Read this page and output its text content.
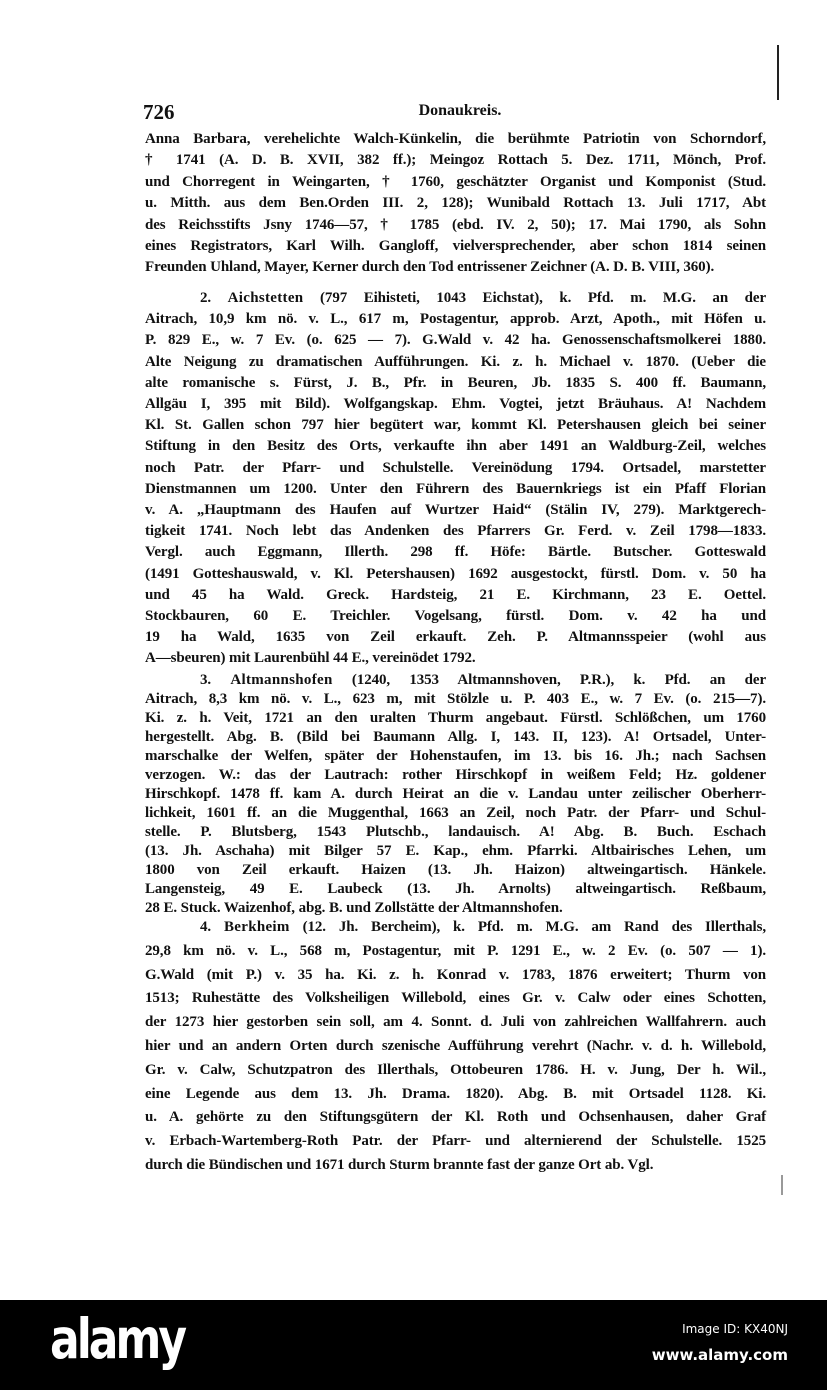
726	Donaukreis.
Anna Barbara, verehelichte Walch-Künkelin, die berühmte Patriotin von Schorndorf,
† 1741 (A. D. B. XVII, 382 ff.); Meingoz Rottach 5. Dez. 1711, Mönch, Prof.
und Chorregent in Weingarten, † 1760, geschätzter Organist und Komponist (Stud.
u. Mitth. aus dem Ben.Orden III. 2, 128); Wunibald Rottach 13. Juli 1717, Abt
des Reichsstifts Jsny 1746—57, † 1785 (ebd. IV. 2, 50); 17. Mai 1790, als Sohn
eines Registrators, Karl Wilh. Gangloff, vielversprechender, aber schon 1814 seinen
Freunden Uhland, Mayer, Kerner durch den Tod entrissener Zeichner (A. D. B. VIII, 360).
2. Aichstetten (797 Eihisteti, 1043 Eichstat), k. Pfd. m. M.G. an der
Aitrach, 10,9 km nö. v. L., 617 m, Postagentur, approb. Arzt, Apoth., mit Höfen u.
P. 829 E., w. 7 Ev. (o. 625 — 7). G.Wald v. 42 ha. Genossenschaftsmolkerei 1880.
Alte Neigung zu dramatischen Aufführungen. Ki. z. h. Michael v. 1870. (Ueber die
alte romanische s. Fürst, J. B., Pfr. in Beuren, Jb. 1835 S. 400 ff. Baumann,
Allgäu I, 395 mit Bild). Wolfgangskap. Ehm. Vogtei, jetzt Bräuhaus. A! Nachdem
Kl. St. Gallen schon 797 hier begütert war, kommt Kl. Petershausen gleich bei seiner
Stiftung in den Besitz des Orts, verkaufte ihn aber 1491 an Waldburg-Zeil, welches
noch Patr. der Pfarr- und Schulstelle. Vereinödung 1794. Ortsadel, marstetter
Dienstmannen um 1200. Unter den Führern des Bauernkriegs ist ein Pfaff Florian
v. A. „Hauptmann des Haufen auf Wurtzer Haid“ (Stälin IV, 279). Marktgerech-
tigkeit 1741. Noch lebt das Andenken des Pfarrers Gr. Ferd. v. Zeil 1798—1833.
Vergl. auch Eggmann, Illerth. 298 ff. Höfe: Bärtle. Butscher. Gotteswald
(1491 Gotteshauswald, v. Kl. Petershausen) 1692 ausgestockt, fürstl. Dom. v. 50 ha
und 45 ha Wald. Greck. Hardsteig, 21 E. Kirchmann, 23 E. Oettel.
Stockbauren, 60 E. Treichler. Vogelsang, fürstl. Dom. v. 42 ha und
19 ha Wald, 1635 von Zeil erkauft. Zeh. P. Altmannsspeier (wohl aus
A—sbeuren) mit Laurenbühl 44 E., vereinödet 1792.
3. Altmannshofen (1240, 1353 Altmannshoven, P.R.), k. Pfd. an der
Aitrach, 8,3 km nö. v. L., 623 m, mit Stölzle u. P. 403 E., w. 7 Ev. (o. 215—7).
Ki. z. h. Veit, 1721 an den uralten Thurm angebaut. Fürstl. Schlößchen, um 1760
hergestellt. Abg. B. (Bild bei Baumann Allg. I, 143. II, 123). A! Ortsadel, Unter-
marschalke der Welfen, später der Hohenstaufen, im 13. bis 16. Jh.; nach Sachsen
verzogen. W.: das der Lautrach: rother Hirschkopf in weißem Feld; Hz. goldener
Hirschkopf. 1478 ff. kam A. durch Heirat an die v. Landau unter zeilischer Oberherr-
lichkeit, 1601 ff. an die Muggenthal, 1663 an Zeil, noch Patr. der Pfarr- und Schul-
stelle. P. Blutsberg, 1543 Plutschb., landauisch. A! Abg. B. Buch. Eschach
(13. Jh. Aschaha) mit Bilger 57 E. Kap., ehm. Pfarrki. Altbairisches Lehen, um
1800 von Zeil erkauft. Haizen (13. Jh. Haizon) altweingartisch. Hänkele.
Langensteig, 49 E. Laubeck (13. Jh. Arnolts) altweingartisch. Reßbaum,
28 E. Stuck. Waizenhof, abg. B. und Zollstätte der Altmannshofen.
4. Berkheim (12. Jh. Bercheim), k. Pfd. m. M.G. am Rand des Illerthals,
29,8 km nö. v. L., 568 m, Postagentur, mit P. 1291 E., w. 2 Ev. (o. 507 — 1).
G.Wald (mit P.) v. 35 ha. Ki. z. h. Konrad v. 1783, 1876 erweitert; Thurm von
1513; Ruhestätte des Volksheiligen Willebold, eines Gr. v. Calw oder eines Schotten,
der 1273 hier gestorben sein soll, am 4. Sonnt. d. Juli von zahlreichen Wallfahrern. auch
hier und an andern Orten durch szenische Aufführung verehrt (Nachr. v. d. h. Willebold,
Gr. v. Calw, Schutzpatron des Illerthals, Ottobeuren 1786. H. v. Jung, Der h. Wil.,
eine Legende aus dem 13. Jh. Drama. 1820). Abg. B. mit Ortsadel 1128. Ki.
u. A. gehörte zu den Stiftungsgütern der Kl. Roth und Ochsenhausen, daher Graf
v. Erbach-Wartemberg-Roth Patr. der Pfarr- und alternierend der Schulstelle. 1525
durch die Bündischen und 1671 durch Sturm brannte fast der ganze Ort ab. Vgl.
alamy	Image ID: KX40NJ
www.alamy.com
